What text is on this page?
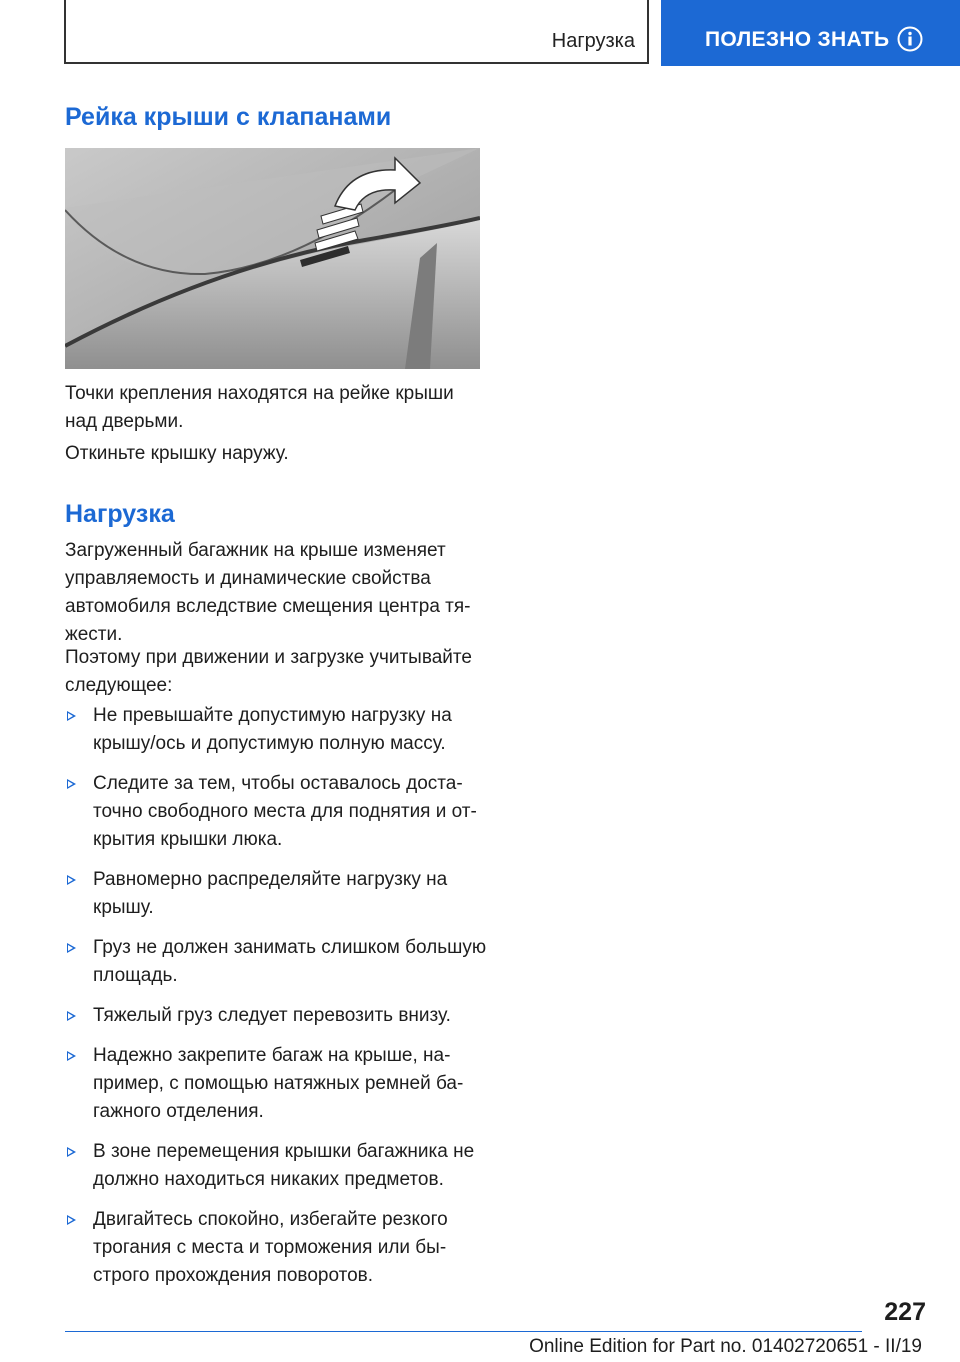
Нагрузка	ПОЛЕЗНО ЗНАТЬ
Рейка крыши с клапанами

Точки крепления находятся на рейке крыши над дверьми.

Откиньте крышку наружу.

Нагрузка

Загруженный багажник на крыше изменяет управляемость и динамические свойства автомобиля вследствие смещения центра тяжести.

Поэтому при движении и загрузке учитывайте следующее:

Не превышайте допустимую нагрузку на крышу/ось и допустимую полную массу.
Следите за тем, чтобы оставалось достаточно свободного места для поднятия и открытия крышки люка.
Равномерно распределяйте нагрузку на крышу.
Груз не должен занимать слишком большую площадь.
Тяжелый груз следует перевозить внизу.
Надежно закрепите багаж на крыше, например, с помощью натяжных ремней багажного отделения.
В зоне перемещения крышки багажника не должно находиться никаких предметов.
Двигайтесь спокойно, избегайте резкого трогания с места и торможения или быстрого прохождения поворотов.
227
Online Edition for Part no. 01402720651 - II/19
